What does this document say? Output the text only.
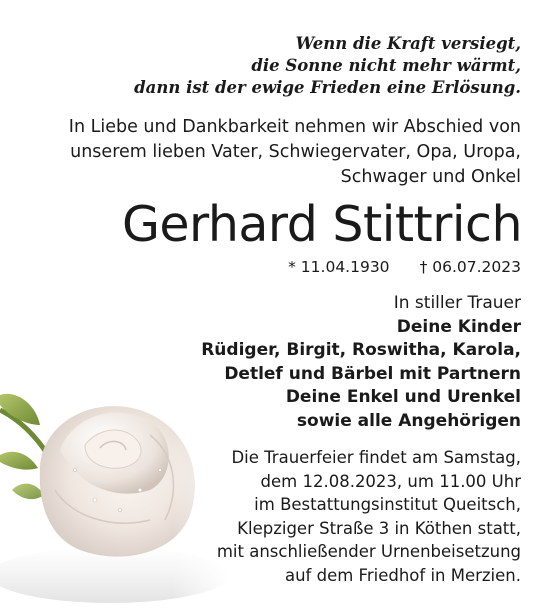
Wenn die Kraft versiegt,
die Sonne nicht mehr wärmt,
dann ist der ewige Frieden eine Erlösung.
In Liebe und Dankbarkeit nehmen wir Abschied von
unserem lieben Vater, Schwiegervater, Opa, Uropa,
Schwager und Onkel
Gerhard Stittrich
* 11.04.1930 † 06.07.2023
In stiller Trauer
Deine Kinder
Rüdiger, Birgit, Roswitha, Karola,
Detlef und Bärbel mit Partnern
Deine Enkel und Urenkel
sowie alle Angehörigen
Die Trauerfeier findet am Samstag,
dem 12.08.2023, um 11.00 Uhr
im Bestattungsinstitut Queitsch,
Klepziger Straße 3 in Köthen statt,
mit anschließender Urnenbeisetzung
auf dem Friedhof in Merzien.
